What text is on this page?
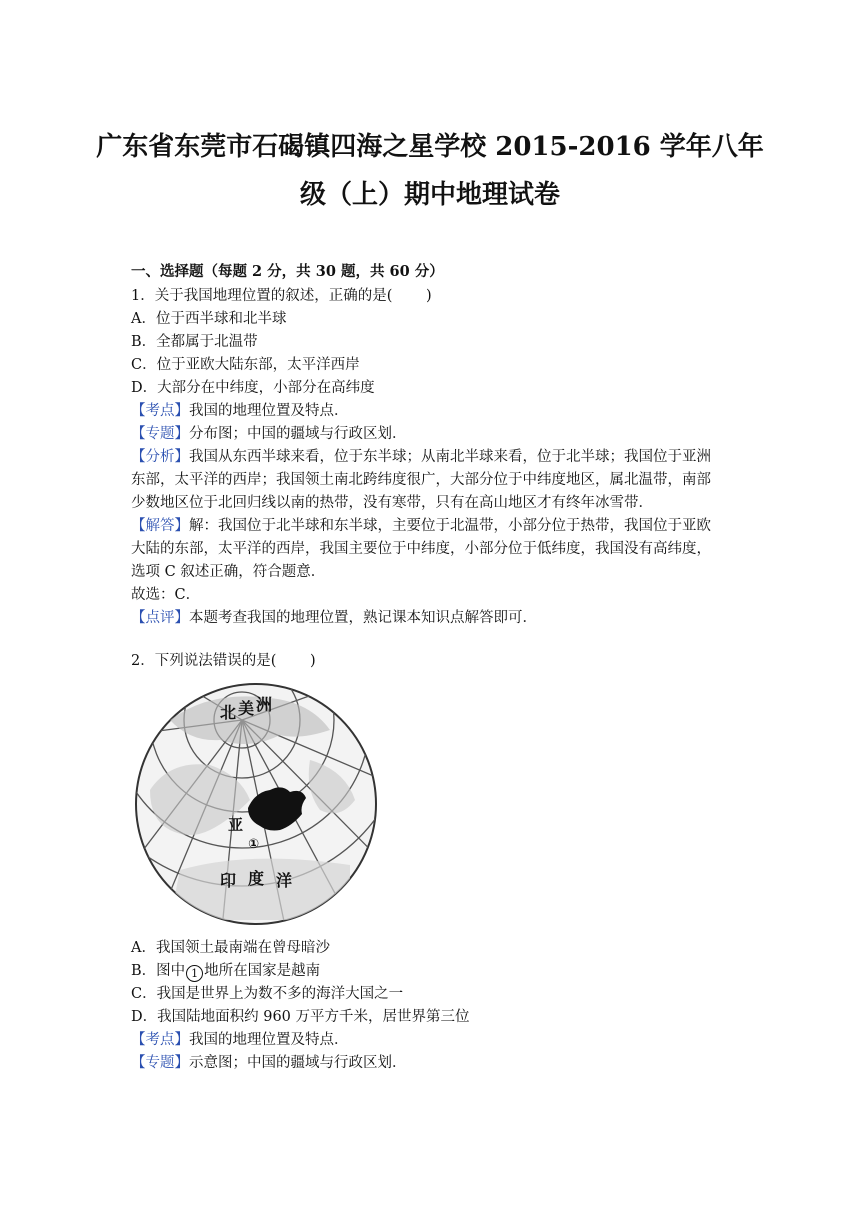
广东省东莞市石碣镇四海之星学校 2015-2016 学年八年
级（上）期中地理试卷
一、选择题（每题 2 分，共 30 题，共 60 分）
1．关于我国地理位置的叙述，正确的是(　　 )
A．位于西半球和北半球
B．全都属于北温带
C．位于亚欧大陆东部，太平洋西岸
D．大部分在中纬度，小部分在高纬度
【考点】我国的地理位置及特点．
【专题】分布图；中国的疆域与行政区划．
【分析】我国从东西半球来看，位于东半球；从南北半球来看，位于北半球；我国位于亚洲
东部，太平洋的西岸；我国领土南北跨纬度很广，大部分位于中纬度地区，属北温带，南部
少数地区位于北回归线以南的热带，没有寒带，只有在高山地区才有终年冰雪带．
【解答】解：我国位于北半球和东半球，主要位于北温带，小部分位于热带，我国位于亚欧
大陆的东部，太平洋的西岸，我国主要位于中纬度，小部分位于低纬度，我国没有高纬度，
选项 C 叙述正确，符合题意．
故选：C．
【点评】本题考查我国的地理位置，熟记课本知识点解答即可．
2．下列说法错误的是(　　 )
北 美 洲
亚
①
印 度 洋
A．我国领土最南端在曾母暗沙
B．图中 1 地所在国家是越南
C．我国是世界上为数不多的海洋大国之一
D．我国陆地面积约 960 万平方千米，居世界第三位
【考点】我国的地理位置及特点．
【专题】示意图；中国的疆域与行政区划．
